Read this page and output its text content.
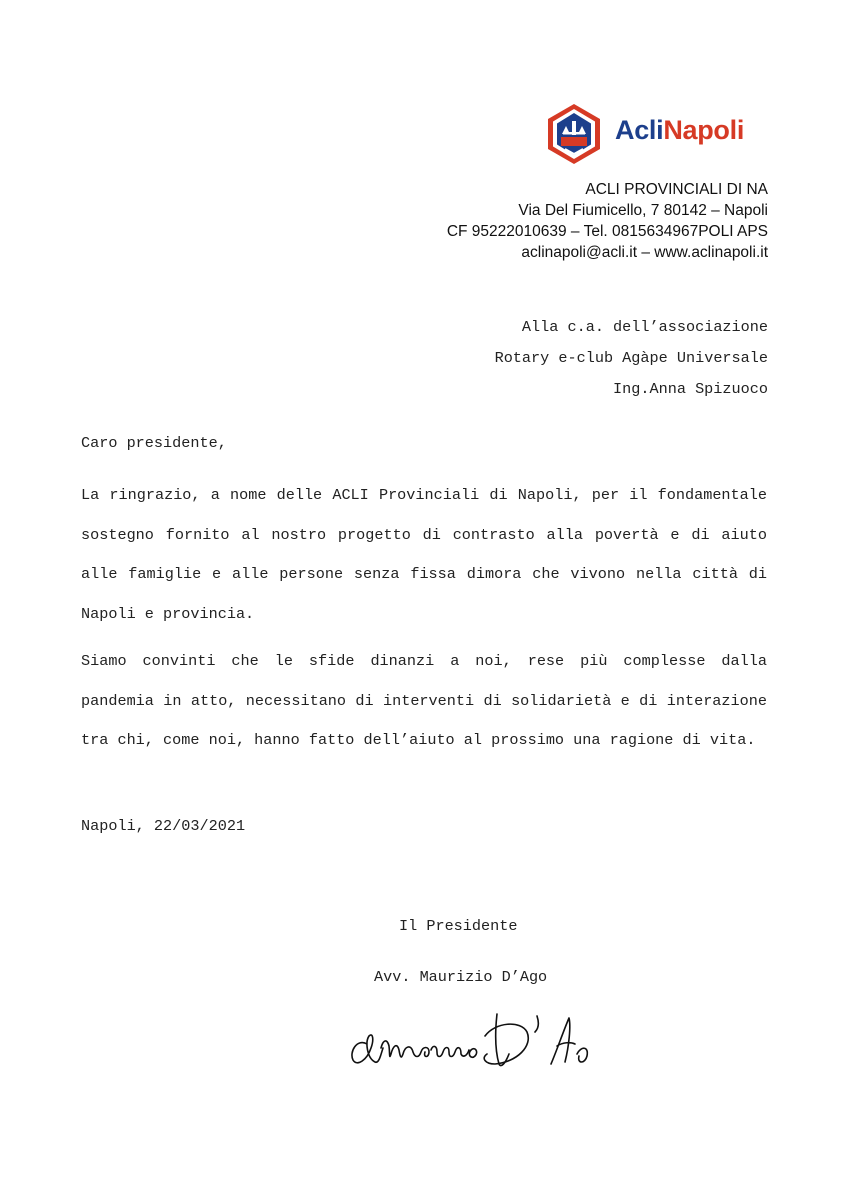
AcliNapoli
ACLI PROVINCIALI DI NA
Via Del Fiumicello, 7 80142 – Napoli
CF 95222010639 – Tel. 0815634967POLI APS
aclinapoli@acli.it – www.aclinapoli.it
Alla c.a. dell’associazione
Rotary e-club Agàpe Universale
Ing.Anna Spizuoco
Caro presidente,
La ringrazio, a nome delle ACLI Provinciali di Napoli, per il fondamentale sostegno fornito al nostro progetto di contrasto alla povertà e di aiuto alle famiglie e alle persone senza fissa dimora che vivono nella città di Napoli e provincia.
Siamo convinti che le sfide dinanzi a noi, rese più complesse dalla pandemia in atto, necessitano di interventi di solidarietà e di interazione tra chi, come noi, hanno fatto dell’aiuto al prossimo una ragione di vita.
Napoli, 22/03/2021
Il Presidente
Avv. Maurizio D’Ago
